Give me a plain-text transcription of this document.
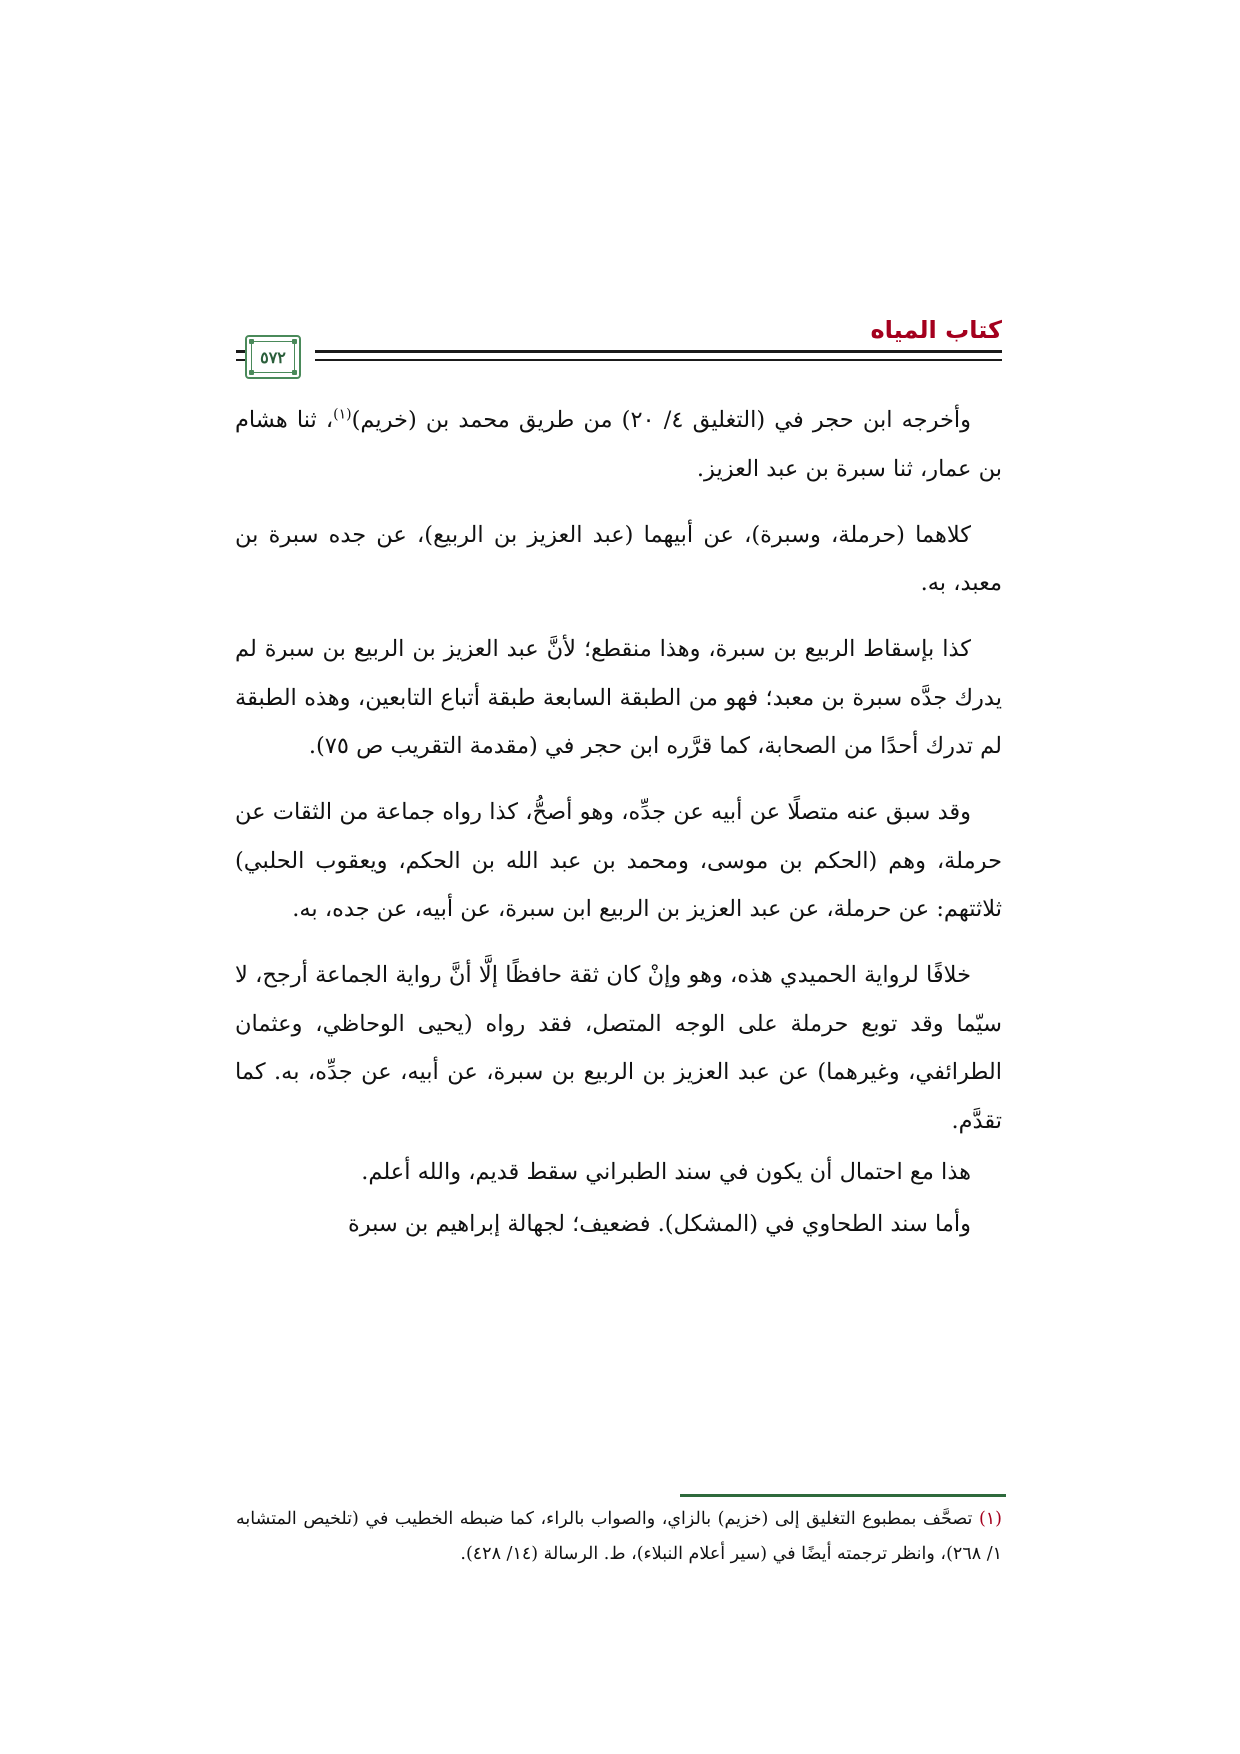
كتاب المياه
٥٧٢

وأخرجه ابن حجر في (التغليق ٤/ ٢٠) من طريق محمد بن (خريم)$^{(١)}$، ثنا هشام بن عمار، ثنا سبرة بن عبد العزيز.

كلاهما (حرملة، وسبرة)، عن أبيهما (عبد العزيز بن الربيع)، عن جده سبرة بن معبد، به.

كذا بإسقاط الربيع بن سبرة، وهذا منقطع؛ لأنَّ عبد العزيز بن الربيع بن سبرة لم يدرك جدَّه سبرة بن معبد؛ فهو من الطبقة السابعة طبقة أتباع التابعين، وهذه الطبقة لم تدرك أحدًا من الصحابة، كما قرَّره ابن حجر في (مقدمة التقريب ص ٧٥).

وقد سبق عنه متصلًا عن أبيه عن جدِّه، وهو أصحُّ، كذا رواه جماعة من الثقات عن حرملة، وهم (الحكم بن موسى، ومحمد بن عبد الله بن الحكم، ويعقوب الحلبي) ثلاثتهم: عن حرملة، عن عبد العزيز بن الربيع ابن سبرة، عن أبيه، عن جده، به.

خلافًا لرواية الحميدي هذه، وهو وإنْ كان ثقة حافظًا إلَّا أنَّ رواية الجماعة أرجح، لا سيّما وقد توبع حرملة على الوجه المتصل، فقد رواه (يحيى الوحاظي، وعثمان الطرائفي، وغيرهما) عن عبد العزيز بن الربيع بن سبرة، عن أبيه، عن جدِّه، به. كما تقدَّم.

هذا مع احتمال أن يكون في سند الطبراني سقط قديم، والله أعلم.

وأما سند الطحاوي في (المشكل). فضعيف؛ لجهالة إبراهيم بن سبرة

(١) تصحَّف بمطبوع التغليق إلى (خزيم) بالزاي، والصواب بالراء، كما ضبطه الخطيب في (تلخيص المتشابه ١/ ٢٦٨)، وانظر ترجمته أيضًا في (سير أعلام النبلاء)، ط. الرسالة (١٤/ ٤٢٨).
